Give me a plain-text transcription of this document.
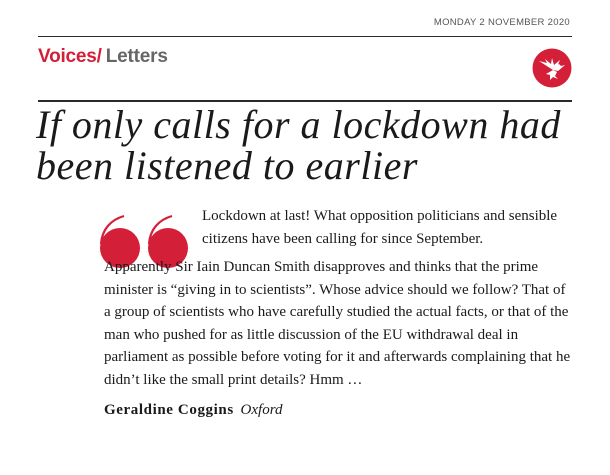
MONDAY 2 NOVEMBER 2020
Voices/ Letters
If only calls for a lockdown had been listened to earlier

Lockdown at last! What opposition politicians and sensible citizens have been calling for since September.

Apparently Sir Iain Duncan Smith disapproves and thinks that the prime minister is “giving in to scientists”. Whose advice should we follow? That of a group of scientists who have carefully studied the actual facts, or that of the man who pushed for as little discussion of the EU withdrawal deal in parliament as possible before voting for it and afterwards complaining that he didn’t like the small print details? Hmm …

Geraldine Coggins Oxford
